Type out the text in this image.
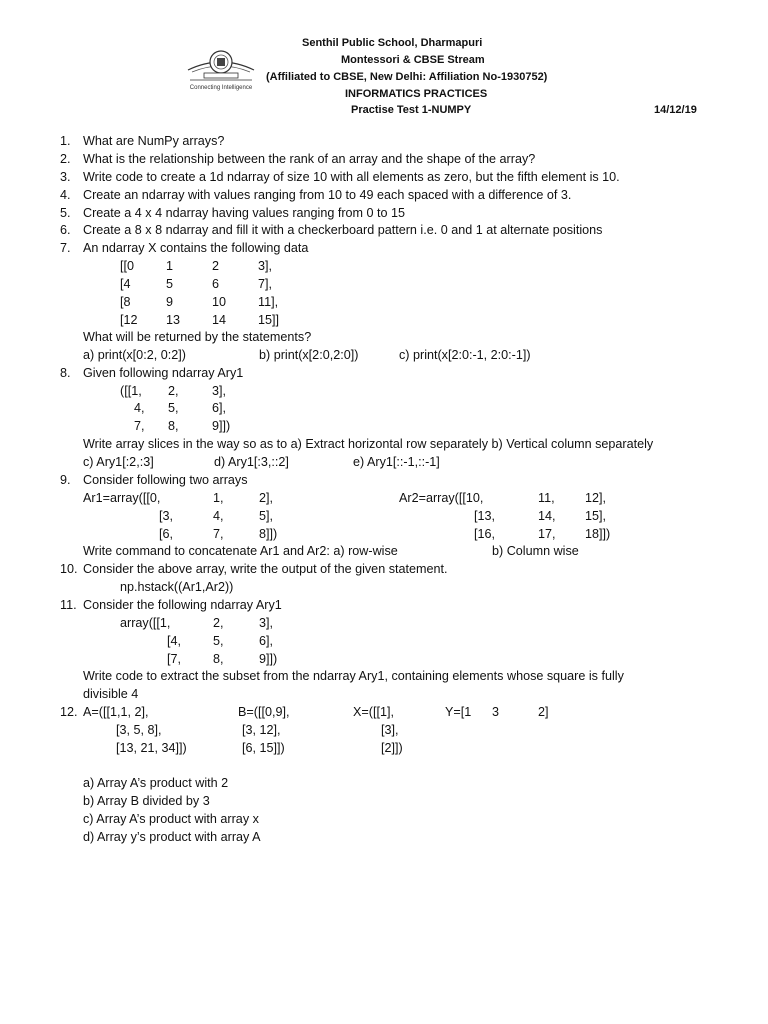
Connecting Intelligence
Senthil Public School, Dharmapuri
Montessori & CBSE Stream
(Affiliated to CBSE, New Delhi: Affiliation No-1930752)
INFORMATICS PRACTICES
Practise Test 1-NUMPY	14/12/19
1. What are NumPy arrays?
2. What is the relationship between the rank of an array and the shape of the array?
3. Write code to create a 1d ndarray of size 10 with all elements as zero, but the fifth element is 10.
4. Create an ndarray with values ranging from 10 to 49 each spaced with a difference of 3.
5. Create a 4 x 4 ndarray having values ranging from 0 to 15
6. Create a 8 x 8 ndarray and fill it with a checkerboard pattern i.e. 0 and 1 at alternate positions
7. An ndarray X contains the following data
[[0	1	2	3],
[4	5	6	7],
[8	9	10	11],
[12 13	14	15]]
What will be returned by the statements?
a) print(x[0:2, 0:2])	b) print(x[2:0,2:0])	c) print(x[2:0:-1, 2:0:-1])
8. Given following ndarray Ary1
([[1, 2,	3],
4, 5,	6],
7, 8,	9]])
Write array slices in the way so as to a) Extract horizontal row separately b) Vertical column separately
c) Ary1[:2,:3]	d) Ary1[:3,::2]	e) Ary1[::-1,::-1]
9. Consider following two arrays
Ar1=array([[0,	1,	2],
[3,	4,	5],
[6,	7,	8]])
Ar2=array([[10,	11, 12],
[13,	14, 15],
[16,	17, 18]])
Write command to concatenate Ar1 and Ar2: a) row-wise	b) Column wise
10. Consider the above array, write the output of the given statement.
np.hstack((Ar1,Ar2))
11. Consider the following ndarray Ary1
array([[1,	2,	3],
[4,	5,	6],
[7,	8,	9]])
Write code to extract the subset from the ndarray Ary1, containing elements whose square is fully
divisible 4
12. A=([[1,1, 2],
[3, 5, 8],
[13, 21, 34]])
B=([[0,9],
[3, 12],
[6, 15]])
X=([[1],
[3],
[2]])
Y=[1 3	2]
a) Array A’s product with 2
b) Array B divided by 3
c) Array A’s product with array x
d) Array y’s product with array A
